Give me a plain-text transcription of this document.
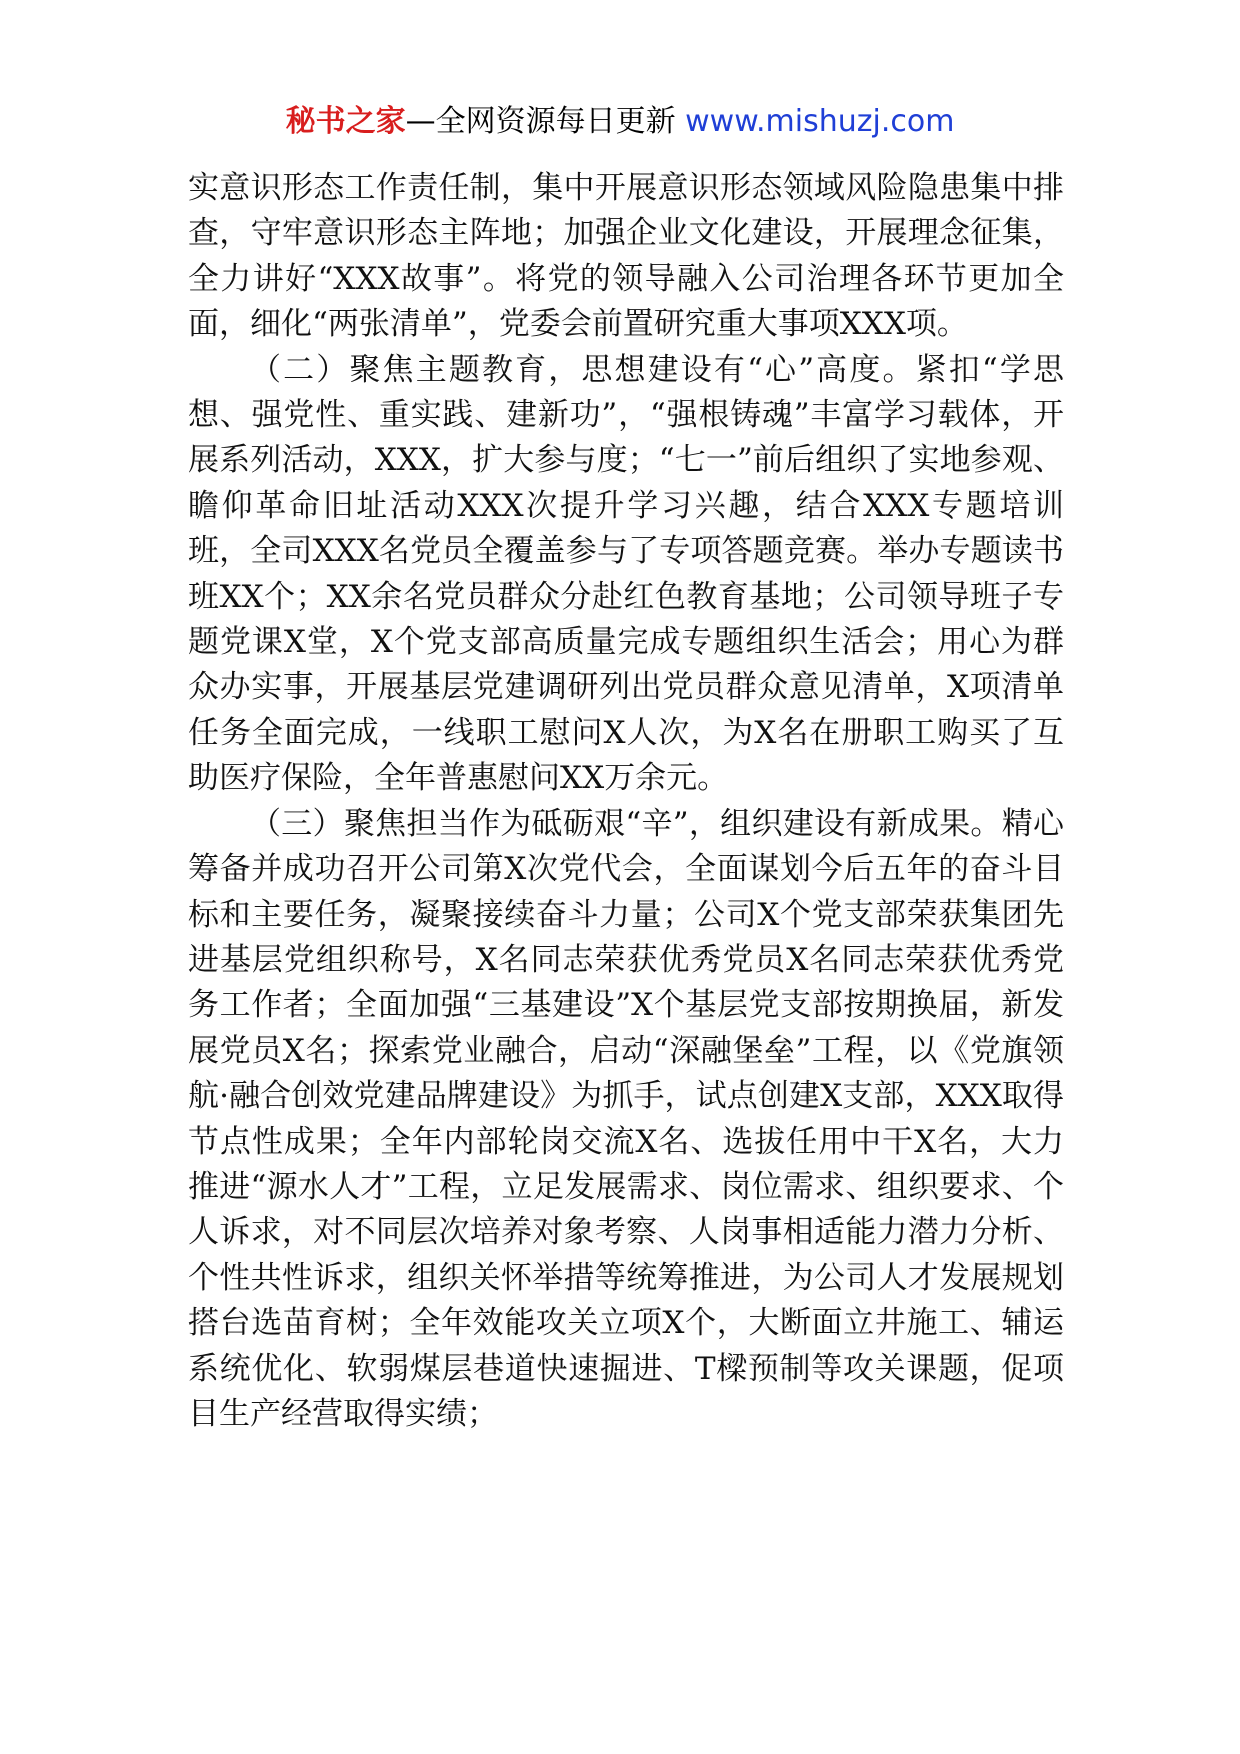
秘书之家—全网资源每日更新 www.mishuzj.com

实意识形态工作责任制，集中开展意识形态领域风险隐患集中排查，守牢意识形态主阵地；加强企业文化建设，开展理念征集，全力讲好“XXX故事”。将党的领导融入公司治理各环节更加全面，细化“两张清单”，党委会前置研究重大事项XXX项。

（二）聚焦主题教育，思想建设有“心”高度。紧扣“学思想、强党性、重实践、建新功”，“强根铸魂”丰富学习载体，开展系列活动，XXX，扩大参与度；“七一”前后组织了实地参观、瞻仰革命旧址活动XXX次提升学习兴趣，结合XXX专题培训班，全司XXX名党员全覆盖参与了专项答题竞赛。举办专题读书班XX个；XX余名党员群众分赴红色教育基地；公司领导班子专题党课X堂，X个党支部高质量完成专题组织生活会；用心为群众办实事，开展基层党建调研列出党员群众意见清单，X项清单任务全面完成，一线职工慰问X人次，为X名在册职工购买了互助医疗保险，全年普惠慰问XX万余元。

（三）聚焦担当作为砥砺艰“辛”，组织建设有新成果。精心筹备并成功召开公司第X次党代会，全面谋划今后五年的奋斗目标和主要任务，凝聚接续奋斗力量；公司X个党支部荣获集团先进基层党组织称号，X名同志荣获优秀党员X名同志荣获优秀党务工作者；全面加强“三基建设”X个基层党支部按期换届，新发展党员X名；探索党业融合，启动“深融堡垒”工程，以《党旗领航·融合创效党建品牌建设》为抓手，试点创建X支部，XXX取得节点性成果；全年内部轮岗交流X名、选拔任用中干X名，大力推进“源水人才”工程，立足发展需求、岗位需求、组织要求、个人诉求，对不同层次培养对象考察、人岗事相适能力潜力分析、个性共性诉求，组织关怀举措等统筹推进，为公司人才发展规划搭台选苗育树；全年效能攻关立项X个，大断面立井施工、辅运系统优化、软弱煤层巷道快速掘进、T樑预制等攻关课题，促项目生产经营取得实绩；
